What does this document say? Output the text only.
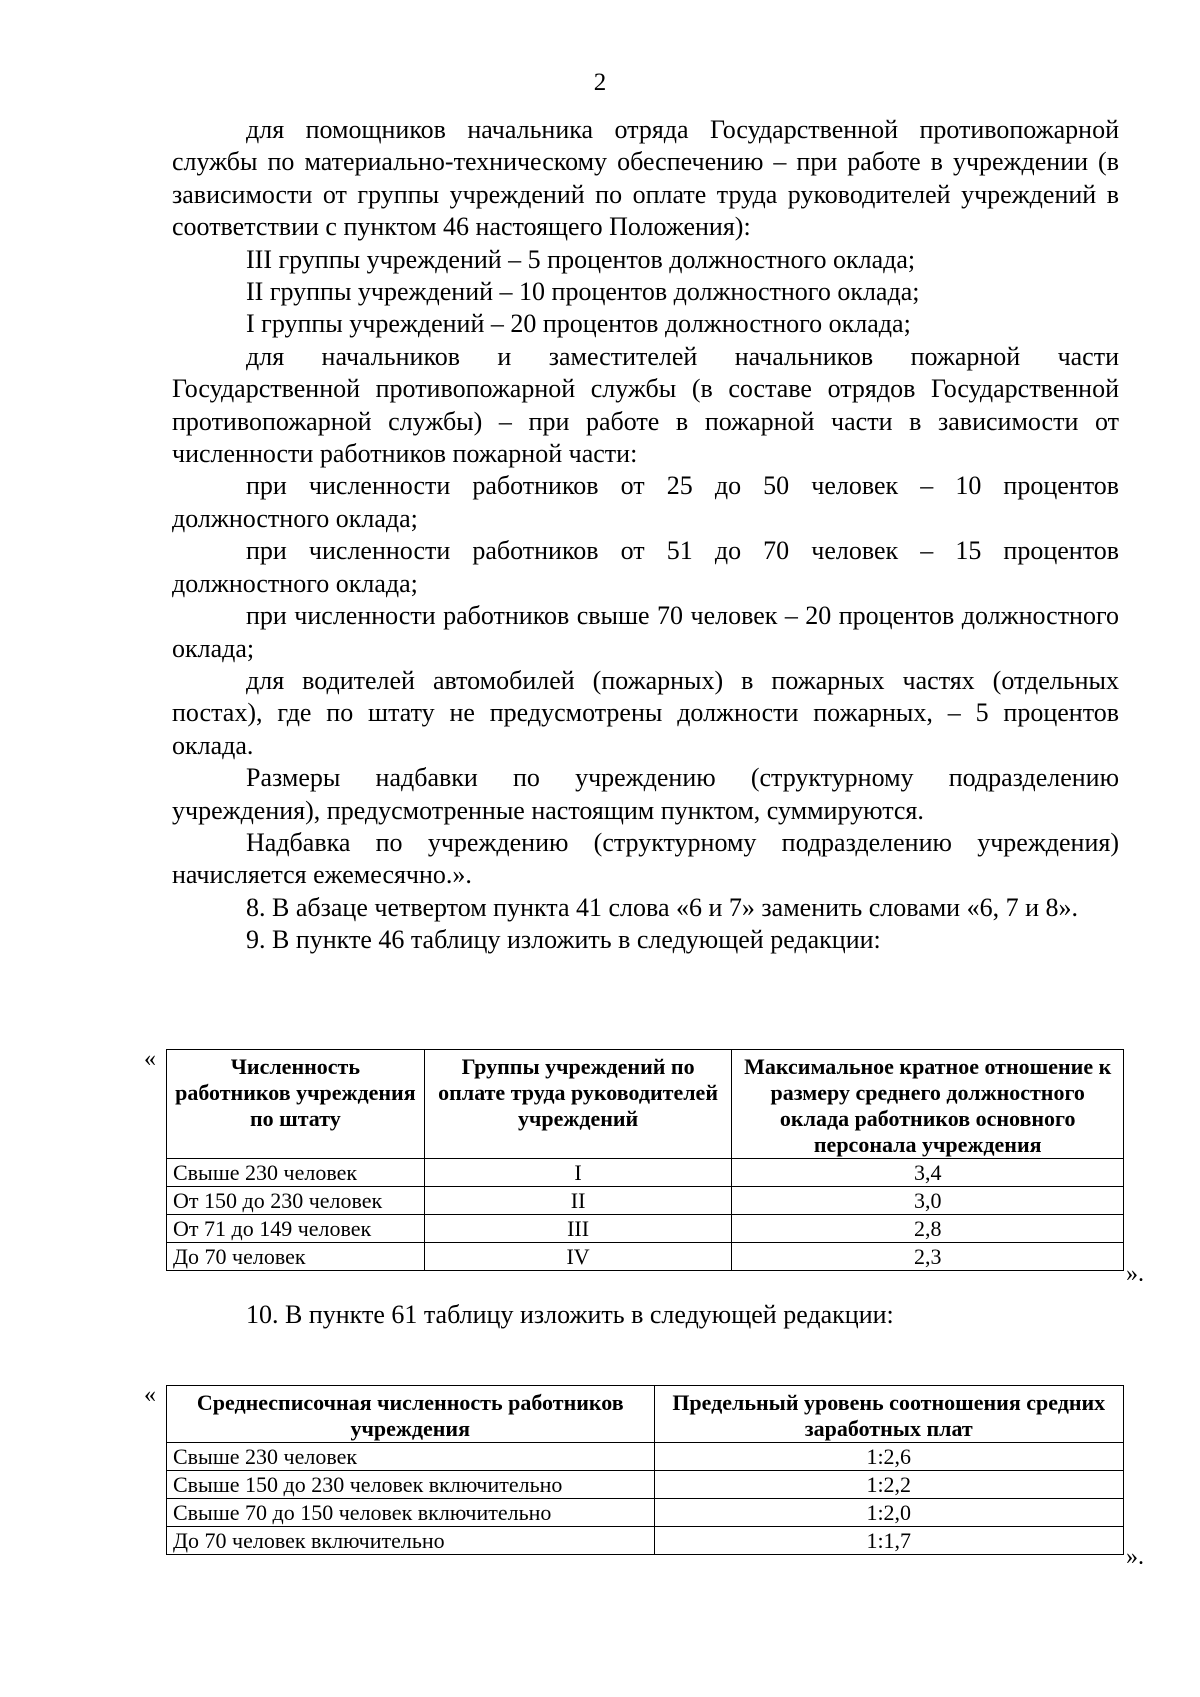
2

для помощников начальника отряда Государственной противопожарной службы по материально-техническому обеспечению – при работе в учреждении (в зависимости от группы учреждений по оплате труда руководителей учреждений в соответствии с пунктом 46 настоящего Положения):

III группы учреждений – 5 процентов должностного оклада;

II группы учреждений – 10 процентов должностного оклада;

I группы учреждений – 20 процентов должностного оклада;

для начальников и заместителей начальников пожарной части Государственной противопожарной службы (в составе отрядов Государственной противопожарной службы) – при работе в пожарной части в зависимости от численности работников пожарной части:

при численности работников от 25 до 50 человек – 10 процентов должностного оклада;

при численности работников от 51 до 70 человек – 15 процентов должностного оклада;

при численности работников свыше 70 человек – 20 процентов должностного оклада;

для водителей автомобилей (пожарных) в пожарных частях (отдельных постах), где по штату не предусмотрены должности пожарных, – 5 процентов оклада.

Размеры надбавки по учреждению (структурному подразделению учреждения), предусмотренные настоящим пунктом, суммируются.

Надбавка по учреждению (структурному подразделению учреждения) начисляется ежемесячно.».

8. В абзаце четвертом пункта 41 слова «6 и 7» заменить словами «6, 7 и 8».

9. В пункте 46 таблицу изложить в следующей редакции:

«	Численность работников учреждения по штату	Группы учреждений по оплате труда руководителей учреждений	Максимальное кратное отношение к размеру среднего должностного оклада работников основного персонала учреждения
Свыше 230 человек	I	3,4
От 150 до 230 человек	II	3,0
От 71 до 149 человек	III	2,8
До 70 человек	IV	2,3
».
10. В пункте 61 таблицу изложить в следующей редакции:
« Среднесписочная численность работников учреждения	Предельный уровень соотношения средних заработных плат
Свыше 230 человек	1:2,6
Свыше 150 до 230 человек включительно	1:2,2
Свыше 70 до 150 человек включительно	1:2,0
До 70 человек включительно	1:1,7
».
